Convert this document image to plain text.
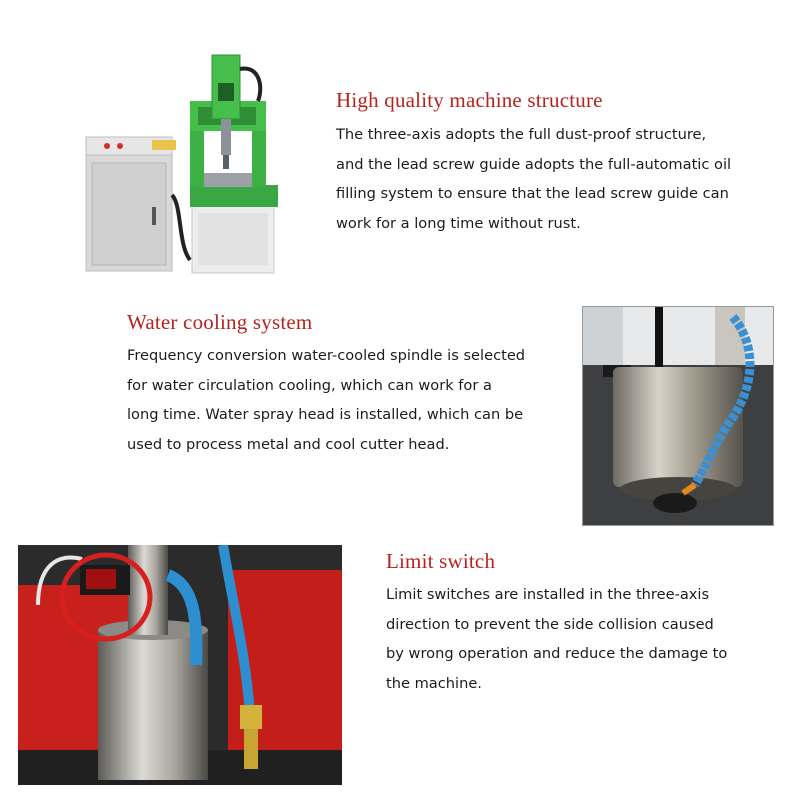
High quality machine structure

The three-axis adopts the full dust-proof structure,
and the lead screw guide adopts the full-automatic oil
filling system to ensure that the lead screw guide can
work for a long time without rust.

Water cooling system

Frequency conversion water-cooled spindle is selected
for water circulation cooling, which can work for a
long time. Water spray head is installed, which can be
used to process metal and cool cutter head.

Limit switch

Limit switches are installed in the three-axis
direction to prevent the side collision caused
by wrong operation and reduce the damage to
the machine.
